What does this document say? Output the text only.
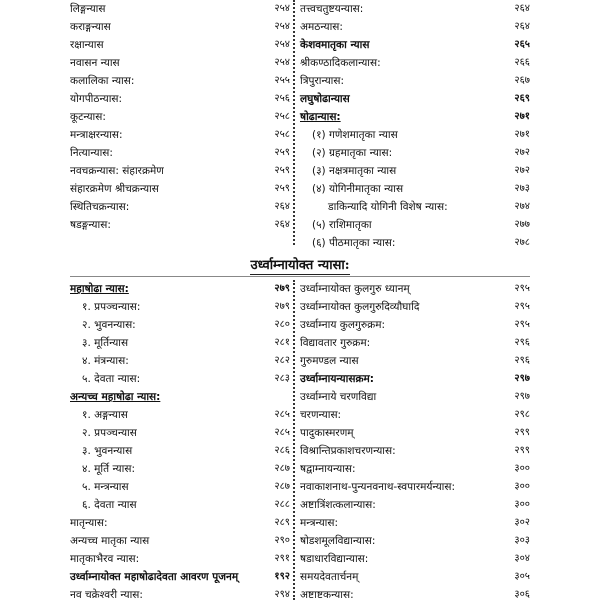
लिङ्गन्यास	२५४
कराङ्गन्यास	२५४
रक्षान्यास	२५४
नवासन न्यास	२५४
कलालिका न्यास:	२५५
योगपीठन्यास:	२५६
कूटन्यास:	२५८
मन्त्राक्षरन्यास:	२५८
नित्यान्यास:	२५९
नवचक्रन्यास: संहारक्रमेण	२५९
संहारक्रमेण श्रीचक्रन्यास	२५९
स्थितिचक्रन्यास:	२६४
षडङ्गन्यास:	२६४
तत्त्वचतुष्टयन्यास:	२६४
अमठन्यास:	२६४
केशवमातृका न्यास	२६५
श्रीकण्ठादिकलान्यास:	२६६
त्रिपुरान्यास:	२६७
लघुषोढान्यास	२६९
षोढान्यास:	२७१
(१) गणेशमातृका न्यास	२७१
(२) ग्रहमातृका न्यास:	२७२
(३) नक्षत्रमातृका न्यास	२७२
(४) योगिनीमातृका न्यास	२७३
डाकिन्यादि योगिनी विशेष न्यास:	२७४
(५) राशिमातृका	२७७
(६) पीठमातृका न्यास:	२७८
उर्ध्वाम्नायोक्त न्यासा:
महाषोढा न्यास:	२७९
१. प्रपञ्चन्यास:	२७९
२. भुवनन्यास:	२८०
३. मूर्तिन्यास	२८१
४. मंत्रन्यास:	२८२
५. देवता न्यास:	२८३
अन्यच्च महाषोढा न्यास:
१. अङ्गन्यास	२८५
२. प्रपञ्चन्यास	२८५
३. भुवनन्यास	२८६
४. मूर्ति न्यास:	२८७
५. मन्त्रन्यास	२८७
६. देवता न्यास	२८८
मातृन्यास:	२८९
अन्यच्च मातृका न्यास	२९०
मातृकाभैरव न्यास:	२९१
उर्ध्वाम्नायोक्त महाषोढादेवता आवरण पूजनम्	१९२
नव चक्रेश्वरी न्यास:	२९४
उर्ध्वाम्नायोक्त कुलगुरु ध्यानम्	२९५
उर्ध्वाम्नायोक्त कुलगुरुदिव्यौघादि	२९५
उर्ध्वाम्नाय कुलगुरुक्रम:	२९५
विद्यावतार गुरुक्रम:	२९६
गुरुमण्डल न्यास	२९६
उर्ध्वाम्नायन्यासक्रम:	२९७
उर्ध्वाम्नाये चरणविद्या	२९७
चरणन्यास:	२९८
पादुकास्मरणम्	२९९
विश्रान्तिप्रकाशचरणन्यास:	२९९
षद्वाम्नायन्यास:	३००
नवाकाशनाथ-पुन्यनवनाथ-स्वपारमर्यन्यास:	३००
अष्टात्रिंशत्कलान्यास:	३००
मन्त्रन्यास:	३०२
षोडशमूलविद्यान्यास:	३०३
षडाधारविद्यान्यास:	३०४
समयदेवतार्चनम्	३०५
अष्टाष्टकन्यास:	३०६
